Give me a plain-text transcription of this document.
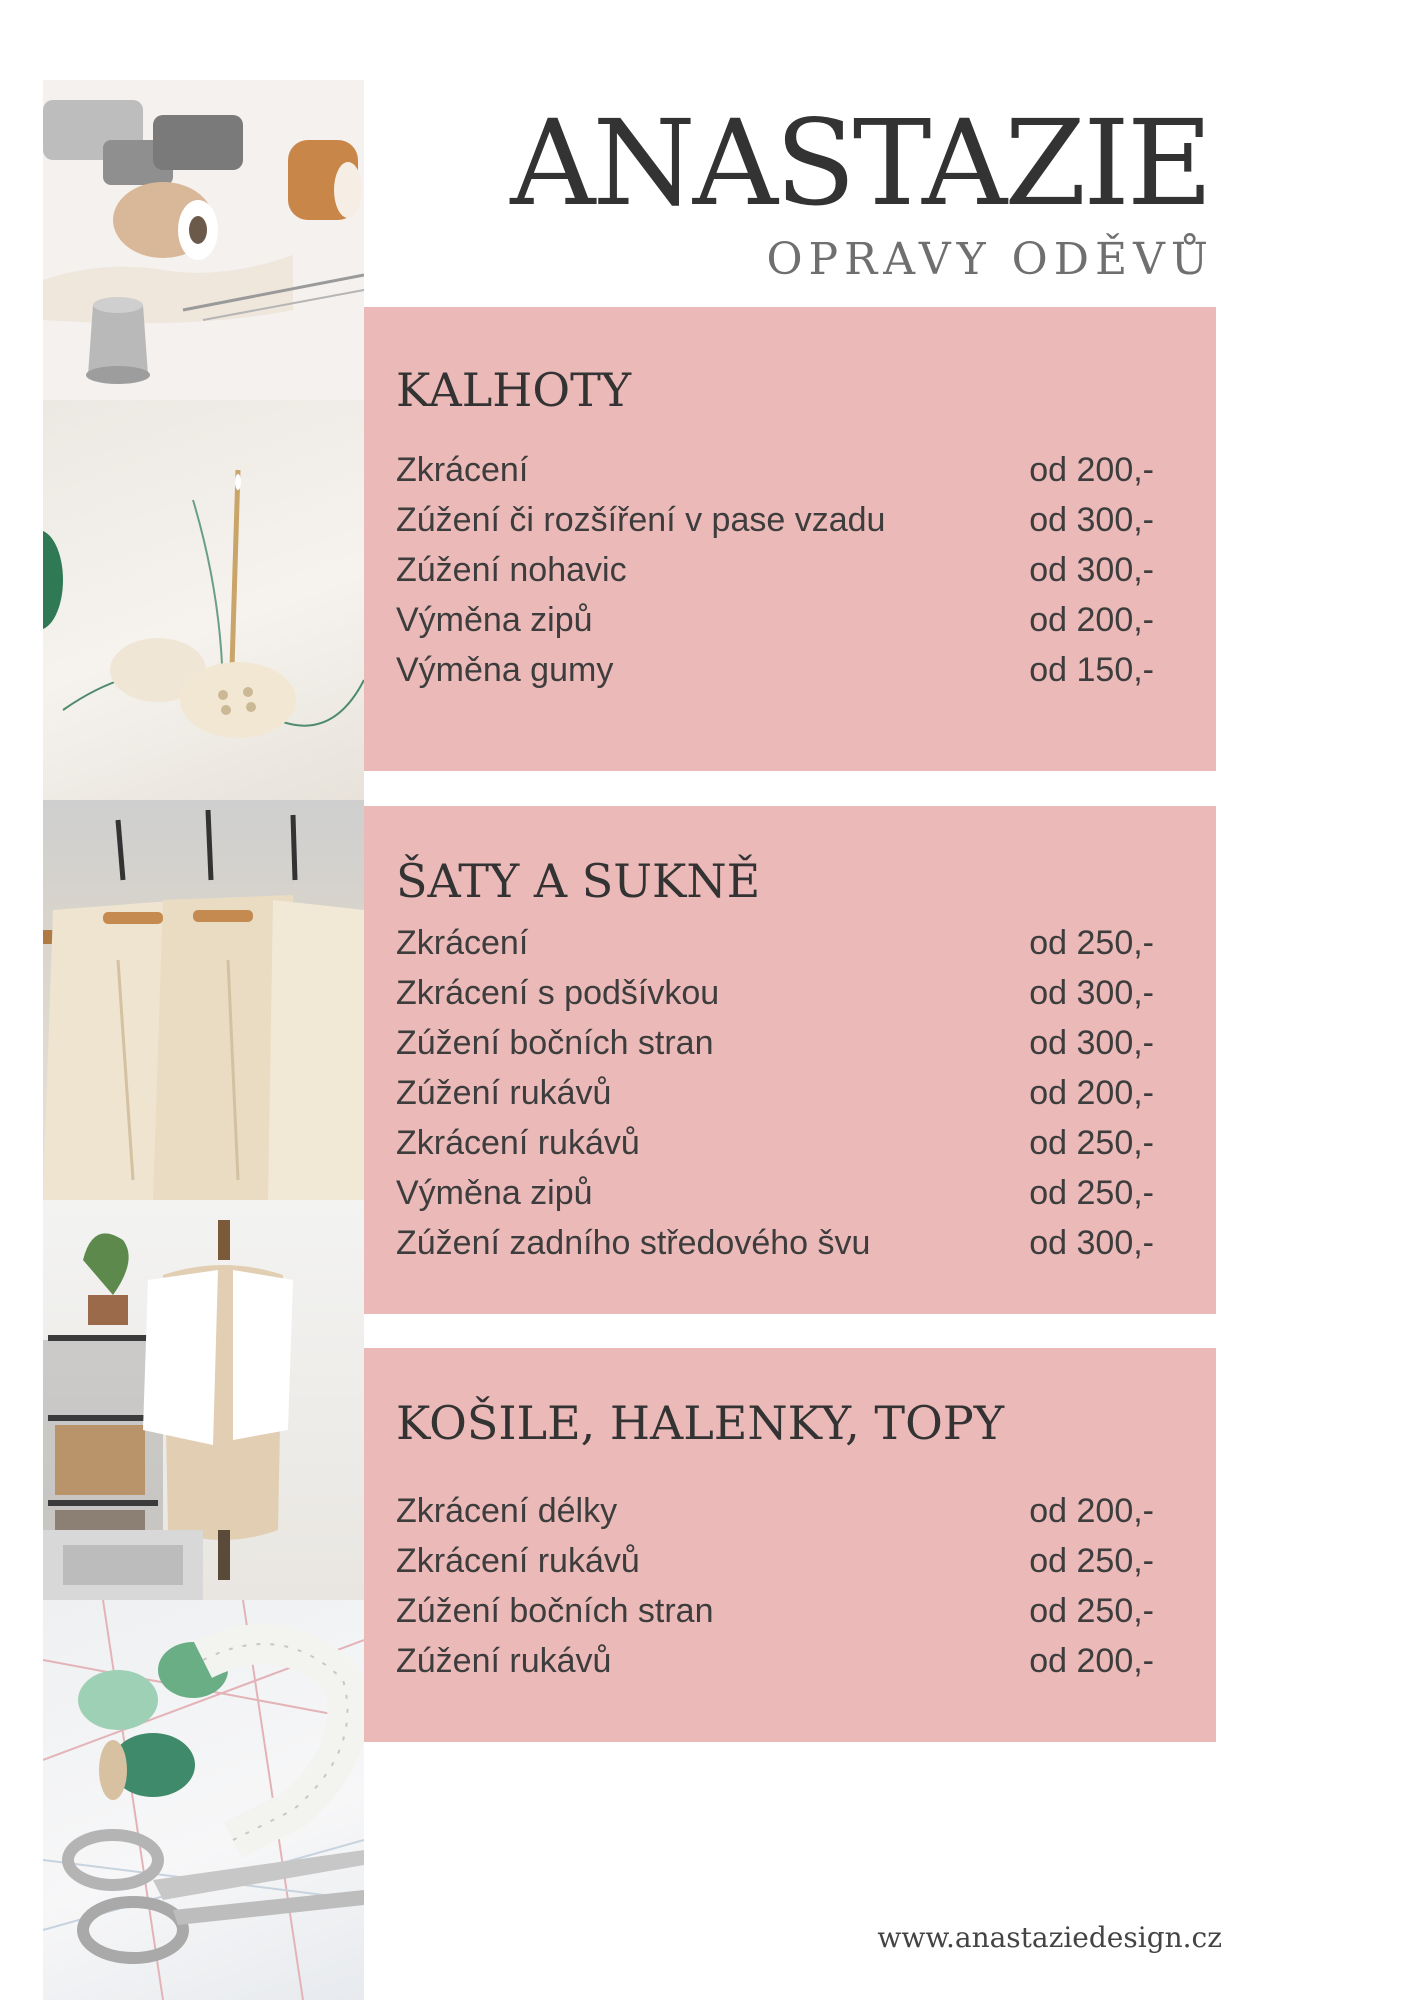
ANASTAZIE
OPRAVY ODĚVŮ
KALHOTY
Zkrácení	od 200,-
Zúžení či rozšíření v pase vzadu	od 300,-
Zúžení nohavic	od 300,-
Výměna zipů	od 200,-
Výměna gumy	od 150,-
ŠATY A SUKNĚ
Zkrácení	od 250,-
Zkrácení s podšívkou	od 300,-
Zúžení bočních stran	od 300,-
Zúžení rukávů	od 200,-
Zkrácení rukávů	od 250,-
Výměna zipů	od 250,-
Zúžení zadního středového švu	od 300,-
KOŠILE, HALENKY, TOPY
Zkrácení délky	od 200,-
Zkrácení rukávů	od 250,-
Zúžení bočních stran	od 250,-
Zúžení rukávů	od 200,-
www.anastaziedesign.cz
